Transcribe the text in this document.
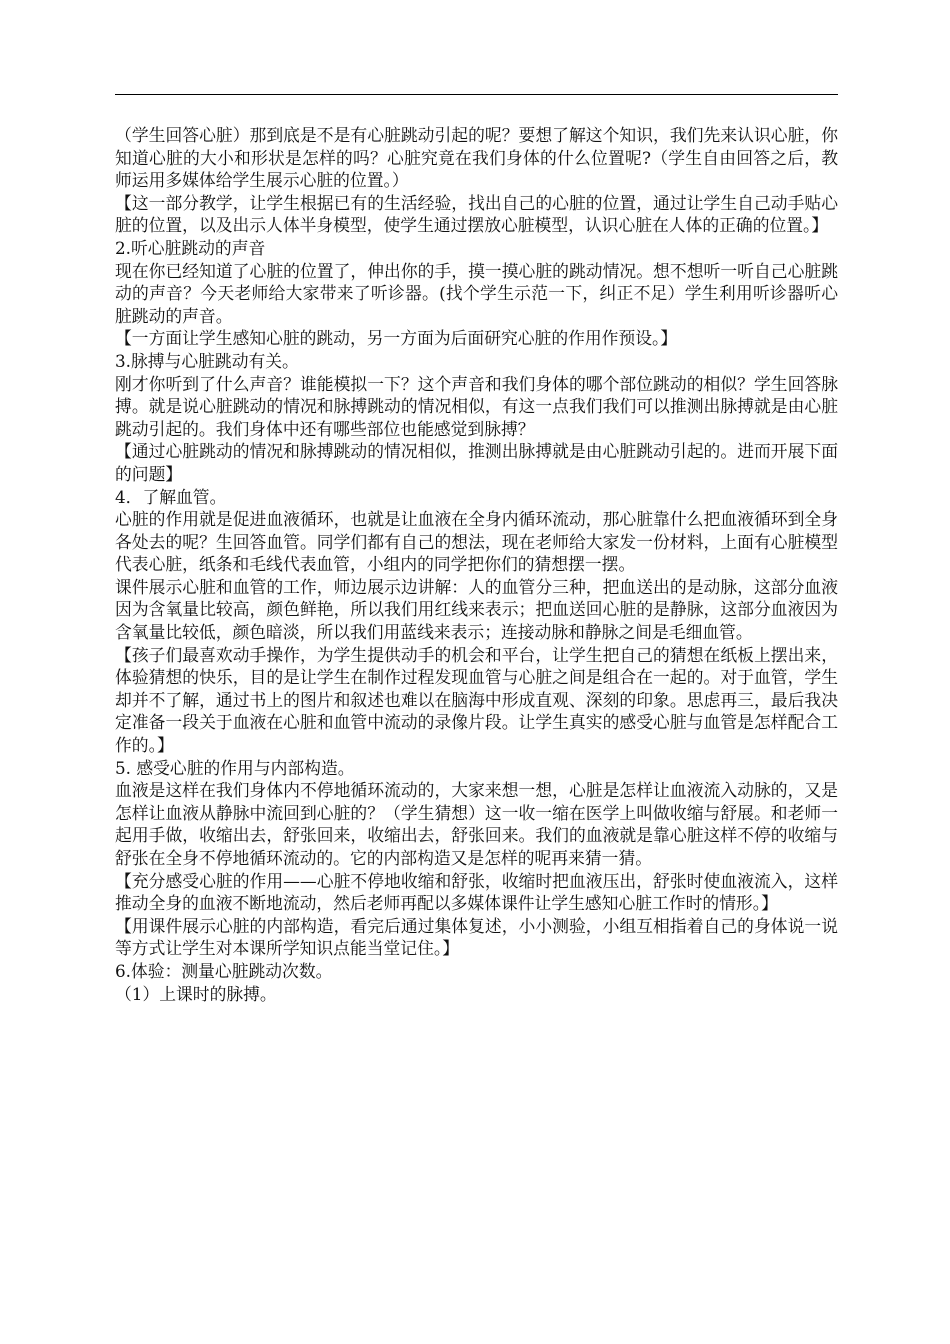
（学生回答心脏）那到底是不是有心脏跳动引起的呢？要想了解这个知识，我们先来认识心脏，你知道心脏的大小和形状是怎样的吗？心脏究竟在我们身体的什么位置呢?（学生自由回答之后，教师运用多媒体给学生展示心脏的位置。）

【这一部分教学，让学生根据已有的生活经验，找出自己的心脏的位置，通过让学生自己动手贴心脏的位置，以及出示人体半身模型，使学生通过摆放心脏模型，认识心脏在人体的正确的位置。】

2.听心脏跳动的声音

现在你已经知道了心脏的位置了，伸出你的手，摸一摸心脏的跳动情况。想不想听一听自己心脏跳动的声音？今天老师给大家带来了听诊器。(找个学生示范一下，纠正不足）学生利用听诊器听心脏跳动的声音。

【一方面让学生感知心脏的跳动，另一方面为后面研究心脏的作用作预设。】

3.脉搏与心脏跳动有关。

刚才你听到了什么声音？谁能模拟一下？这个声音和我们身体的哪个部位跳动的相似？学生回答脉搏。就是说心脏跳动的情况和脉搏跳动的情况相似，有这一点我们我们可以推测出脉搏就是由心脏跳动引起的。我们身体中还有哪些部位也能感觉到脉搏？

【通过心脏跳动的情况和脉搏跳动的情况相似，推测出脉搏就是由心脏跳动引起的。进而开展下面的问题】

4．了解血管。

心脏的作用就是促进血液循环，也就是让血液在全身内循环流动，那心脏靠什么把血液循环到全身各处去的呢？生回答血管。同学们都有自己的想法，现在老师给大家发一份材料，上面有心脏模型代表心脏，纸条和毛线代表血管，小组内的同学把你们的猜想摆一摆。

课件展示心脏和血管的工作，师边展示边讲解：人的血管分三种，把血送出的是动脉，这部分血液因为含氧量比较高，颜色鲜艳，所以我们用红线来表示；把血送回心脏的是静脉，这部分血液因为含氧量比较低，颜色暗淡，所以我们用蓝线来表示；连接动脉和静脉之间是毛细血管。

【孩子们最喜欢动手操作，为学生提供动手的机会和平台，让学生把自己的猜想在纸板上摆出来，体验猜想的快乐，目的是让学生在制作过程发现血管与心脏之间是组合在一起的。对于血管，学生却并不了解，通过书上的图片和叙述也难以在脑海中形成直观、深刻的印象。思虑再三，最后我决定准备一段关于血液在心脏和血管中流动的录像片段。让学生真实的感受心脏与血管是怎样配合工作的。】

5. 感受心脏的作用与内部构造。

血液是这样在我们身体内不停地循环流动的，大家来想一想，心脏是怎样让血液流入动脉的，又是怎样让血液从静脉中流回到心脏的？（学生猜想）这一收一缩在医学上叫做收缩与舒展。和老师一起用手做，收缩出去，舒张回来，收缩出去，舒张回来。我们的血液就是靠心脏这样不停的收缩与舒张在全身不停地循环流动的。它的内部构造又是怎样的呢再来猜一猜。

【充分感受心脏的作用——心脏不停地收缩和舒张，收缩时把血液压出，舒张时使血液流入，这样推动全身的血液不断地流动，然后老师再配以多媒体课件让学生感知心脏工作时的情形。】

【用课件展示心脏的内部构造，看完后通过集体复述，小小测验，小组互相指着自己的身体说一说等方式让学生对本课所学知识点能当堂记住。】

6.体验：测量心脏跳动次数。

（1）上课时的脉搏。
